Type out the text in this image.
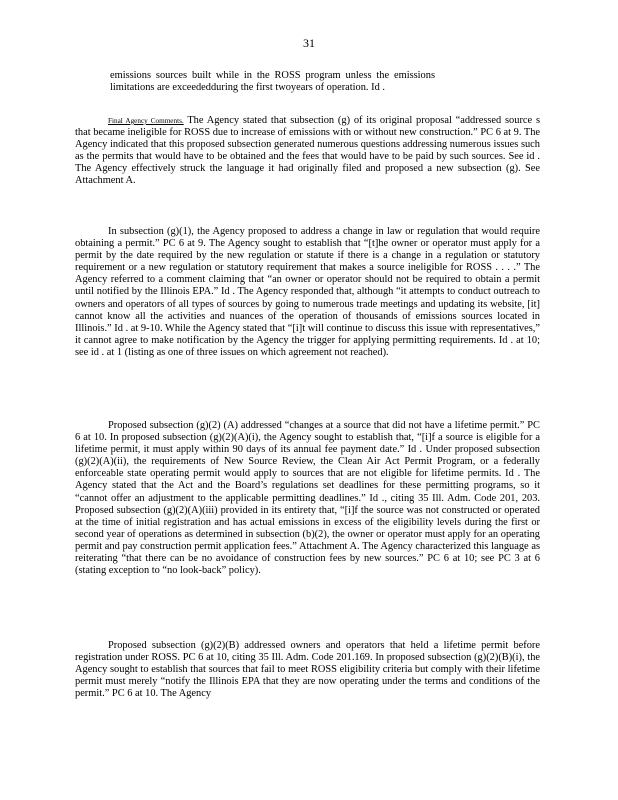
31

emissions sources built while in the ROSS program unless the emissions limitations are exceededduring the first twoyears of operation. Id .

Final Agency Comments. The Agency stated that subsection (g) of its original proposal “addressed source s that became ineligible for ROSS due to increase of emissions with or without new construction.” PC 6 at 9. The Agency indicated that this proposed subsection generated numerous questions addressing numerous issues such as the permits that would have to be obtained and the fees that would have to be paid by such sources. See id . The Agency effectively struck the language it had originally filed and proposed a new subsection (g). See Attachment A.

In subsection (g)(1), the Agency proposed to address a change in law or regulation that would require obtaining a permit.” PC 6 at 9. The Agency sought to establish that “[t]he owner or operator must apply for a permit by the date required by the new regulation or statute if there is a change in a regulation or statutory requirement or a new regulation or statutory requirement that makes a source ineligible for ROSS . . . .” The Agency referred to a comment claiming that “an owner or operator should not be required to obtain a permit until notified by the Illinois EPA.” Id . The Agency responded that, although “it attempts to conduct outreach to owners and operators of all types of sources by going to numerous trade meetings and updating its website, [it] cannot know all the activities and nuances of the operation of thousands of emissions sources located in Illinois.” Id . at 9-10. While the Agency stated that “[i]t will continue to discuss this issue with representatives,” it cannot agree to make notification by the Agency the trigger for applying permitting requirements. Id . at 10; see id . at 1 (listing as one of three issues on which agreement not reached).

Proposed subsection (g)(2) (A) addressed “changes at a source that did not have a lifetime permit.” PC 6 at 10. In proposed subsection (g)(2)(A)(i), the Agency sought to establish that, “[i]f a source is eligible for a lifetime permit, it must apply within 90 days of its annual fee payment date.” Id . Under proposed subsection (g)(2)(A)(ii), the requirements of New Source Review, the Clean Air Act Permit Program, or a federally enforceable state operating permit would apply to sources that are not eligible for lifetime permits. Id . The Agency stated that the Act and the Board’s regulations set deadlines for these permitting programs, so it “cannot offer an adjustment to the applicable permitting deadlines.” Id ., citing 35 Ill. Adm. Code 201, 203. Proposed subsection (g)(2)(A)(iii) provided in its entirety that, “[i]f the source was not constructed or operated at the time of initial registration and has actual emissions in excess of the eligibility levels during the first or second year of operations as determined in subsection (b)(2), the owner or operator must apply for an operating permit and pay construction permit application fees.” Attachment A. The Agency characterized this language as reiterating “that there can be no avoidance of construction fees by new sources.” PC 6 at 10; see PC 3 at 6 (stating exception to “no look-back” policy).

Proposed subsection (g)(2)(B) addressed owners and operators that held a lifetime permit before registration under ROSS. PC 6 at 10, citing 35 Ill. Adm. Code 201.169. In proposed subsection (g)(2)(B)(i), the Agency sought to establish that sources that fail to meet ROSS eligibility criteria but comply with their lifetime permit must merely “notify the Illinois EPA that they are now operating under the terms and conditions of the permit.” PC 6 at 10. The Agency
